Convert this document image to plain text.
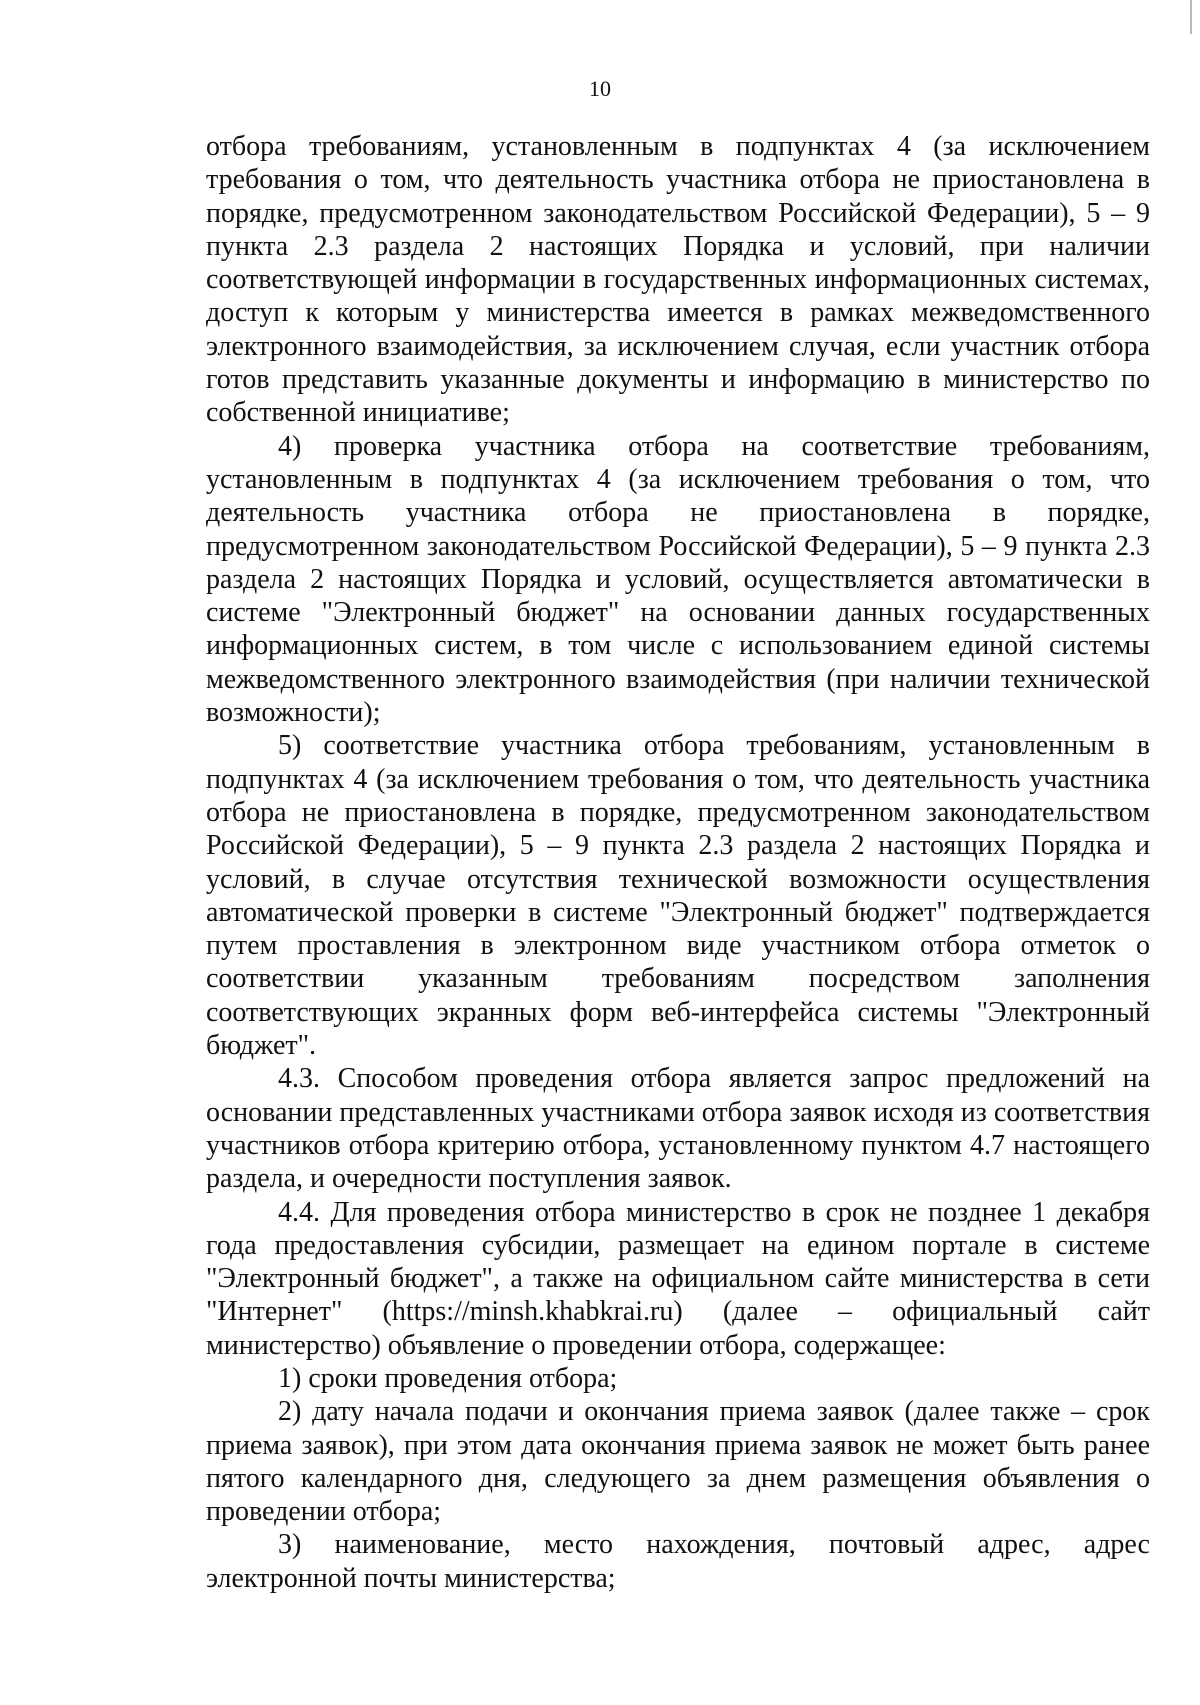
10

отбора требованиям, установленным в подпунктах 4 (за исключением требования о том, что деятельность участника отбора не приостановлена в порядке, предусмотренном законодательством Российской Федерации), 5 – 9 пункта 2.3 раздела 2 настоящих Порядка и условий, при наличии соответствующей информации в государственных информационных системах, доступ к которым у министерства имеется в рамках межведомственного электронного взаимодействия, за исключением случая, если участник отбора готов представить указанные документы и информацию в министерство по собственной инициативе;

4) проверка участника отбора на соответствие требованиям, установленным в подпунктах 4 (за исключением требования о том, что деятельность участника отбора не приостановлена в порядке, предусмотренном законодательством Российской Федерации), 5 – 9 пункта 2.3 раздела 2 настоящих Порядка и условий, осуществляется автоматически в системе "Электронный бюджет" на основании данных государственных информационных систем, в том числе с использованием единой системы межведомственного электронного взаимодействия (при наличии технической возможности);

5) соответствие участника отбора требованиям, установленным в подпунктах 4 (за исключением требования о том, что деятельность участника отбора не приостановлена в порядке, предусмотренном законодательством Российской Федерации), 5 – 9 пункта 2.3 раздела 2 настоящих Порядка и условий, в случае отсутствия технической возможности осуществления автоматической проверки в системе "Электронный бюджет" подтверждается путем проставления в электронном виде участником отбора отметок о соответствии указанным требованиям посредством заполнения соответствующих экранных форм веб-интерфейса системы "Электронный бюджет".

4.3. Способом проведения отбора является запрос предложений на основании представленных участниками отбора заявок исходя из соответствия участников отбора критерию отбора, установленному пунктом 4.7 настоящего раздела, и очередности поступления заявок.

4.4. Для проведения отбора министерство в срок не позднее 1 декабря года предоставления субсидии, размещает на едином портале в системе "Электронный бюджет", а также на официальном сайте министерства в сети "Интернет" (https://minsh.khabkrai.ru) (далее – официальный сайт министерство) объявление о проведении отбора, содержащее:

1) сроки проведения отбора;

2) дату начала подачи и окончания приема заявок (далее также – срок приема заявок), при этом дата окончания приема заявок не может быть ранее пятого календарного дня, следующего за днем размещения объявления о проведении отбора;

3) наименование, место нахождения, почтовый адрес, адрес электронной почты министерства;
